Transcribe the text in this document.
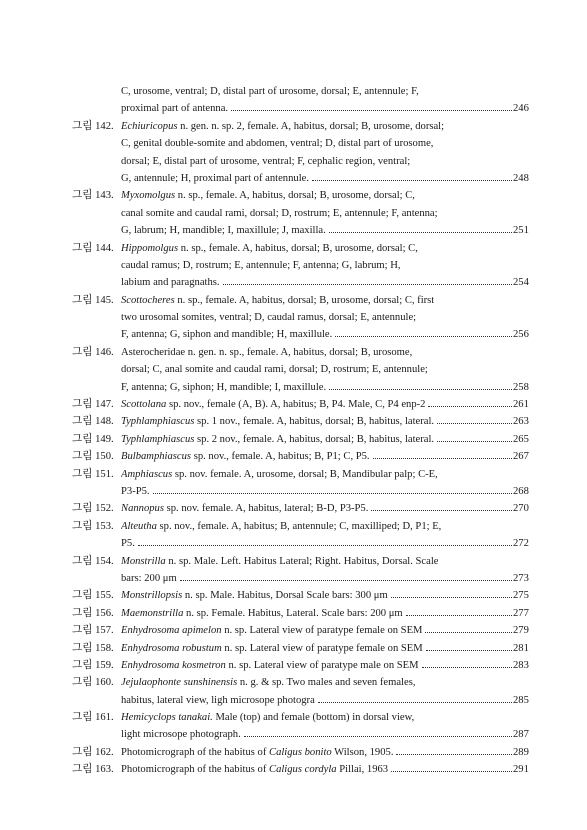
C, urosome, ventral; D, distal part of urosome, dorsal; E, antennule; F,
proximal part of antenna.	246
그림 142. Echiuricopus n. gen. n. sp. 2, female. A, habitus, dorsal; B, urosome, dorsal;
C, genital double-somite and abdomen, ventral; D, distal part of urosome,
dorsal; E, distal part of urosome, ventral; F, cephalic region, ventral;
G, antennule; H, proximal part of antennule.	248
그림 143. Myxomolgus n. sp., female. A, habitus, dorsal; B, urosome, dorsal; C,
canal somite and caudal rami, dorsal; D, rostrum; E, antennule; F, antenna;
G, labrum; H, mandible; I, maxillule; J, maxilla.	251
그림 144. Hippomolgus n. sp., female. A, habitus, dorsal; B, urosome, dorsal; C,
caudal ramus; D, rostrum; E, antennule; F, antenna; G, labrum; H,
labium and paragnaths.	254
그림 145. Scottocheres n. sp., female. A, habitus, dorsal; B, urosome, dorsal; C, first
two urosomal somites, ventral; D, caudal ramus, dorsal; E, antennule;
F, antenna; G, siphon and mandible; H, maxillule.	256
그림 146. Asterocheridae n. gen. n. sp., female. A, habitus, dorsal; B, urosome,
dorsal; C, anal somite and caudal rami, dorsal; D, rostrum; E, antennule;
F, antenna; G, siphon; H, mandible; I, maxillule.	258
그림 147. Scottolana sp. nov., female (A, B). A, habitus; B, P4. Male, C, P4 enp-2	261
그림 148. Typhlamphiascus sp. 1 nov., female. A, habitus, dorsal; B, habitus, lateral.	263
그림 149. Typhlamphiascus sp. 2 nov., female. A, habitus, dorsal; B, habitus, lateral.	265
그림 150. Bulbamphiascus sp. nov., female. A, habitus; B, P1; C, P5.	267
그림 151. Amphiascus sp. nov. female. A, urosome, dorsal; B, Mandibular palp; C-E,
P3-P5.	268
그림 152. Nannopus sp. nov. female. A, habitus, lateral; B-D, P3-P5.	270
그림 153. Alteutha sp. nov., female. A, habitus; B, antennule; C, maxilliped; D, P1; E,
P5.	272
그림 154. Monstrilla n. sp. Male. Left. Habitus Lateral; Right. Habitus, Dorsal. Scale
bars: 200 μm	273
그림 155. Monstrillopsis n. sp. Male. Habitus, Dorsal Scale bars: 300 μm	275
그림 156. Maemonstrilla n. sp. Female. Habitus, Lateral. Scale bars: 200 μm	277
그림 157. Enhydrosoma apimelon n. sp. Lateral view of paratype female on SEM	279
그림 158. Enhydrosoma robustum n. sp. Lateral view of paratype female on SEM	281
그림 159. Enhydrosoma kosmetron n. sp. Lateral view of paratype male on SEM	283
그림 160. Jejulaophonte sunshinensis n. g. & sp. Two males and seven females,
habitus, lateral view, ligh microsope photogra	285
그림 161. Hemicyclops tanakai. Male (top) and female (bottom) in dorsal view,
light microsope photograph.	287
그림 162. Photomicrograph of the habitus of Caligus bonito Wilson, 1905.	289
그림 163. Photomicrograph of the habitus of Caligus cordyla Pillai, 1963	291
